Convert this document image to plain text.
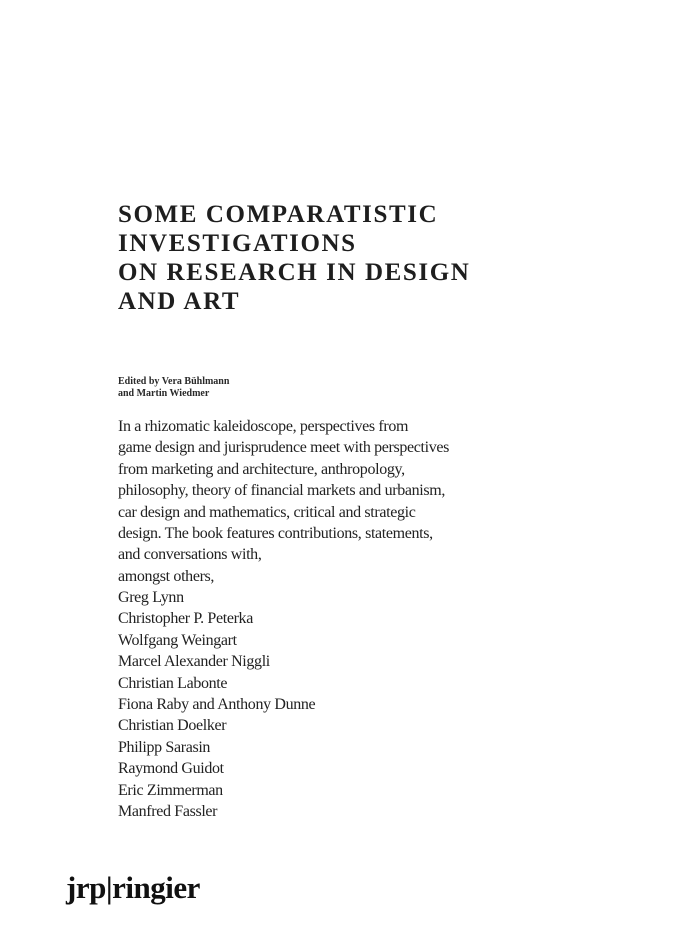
SOME COMPARATISTIC
INVESTIGATIONS
ON RESEARCH IN DESIGN
AND ART
Edited by Vera Bühlmann
and Martin Wiedmer
In a rhizomatic kaleidoscope, perspectives from
game design and jurisprudence meet with perspectives
from marketing and architecture, anthropology,
philosophy, theory of financial markets and urbanism,
car design and mathematics, critical and strategic
design. The book features contributions, statements,
and conversations with,
amongst others,
Greg Lynn
Christopher P. Peterka
Wolfgang Weingart
Marcel Alexander Niggli
Christian Labonte
Fiona Raby and Anthony Dunne
Christian Doelker
Philipp Sarasin
Raymond Guidot
Eric Zimmerman
Manfred Fassler
jrp|ringier
